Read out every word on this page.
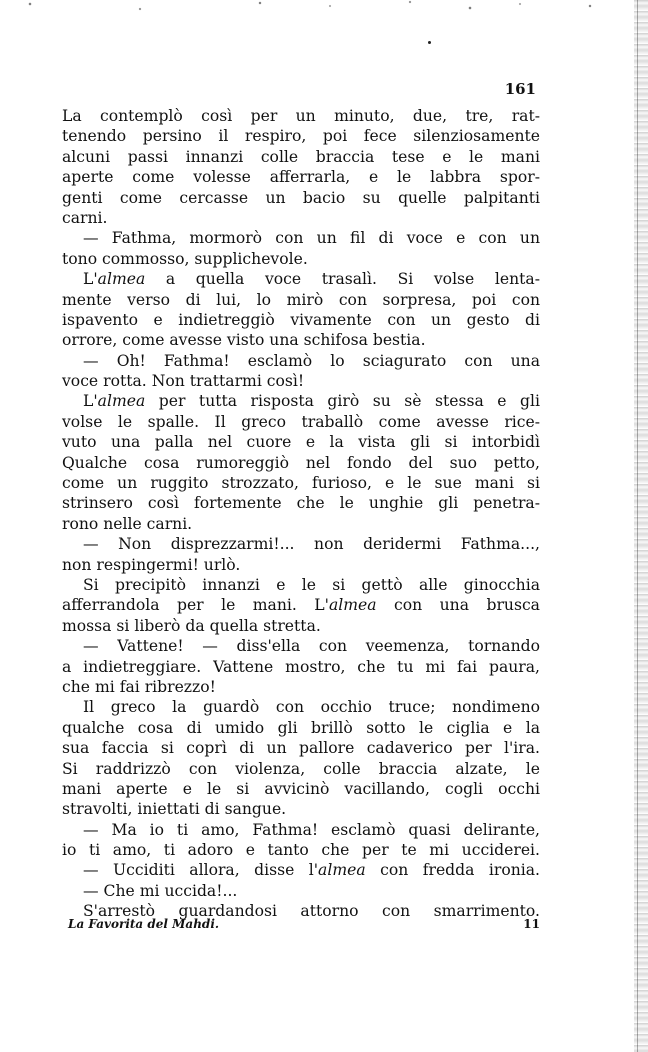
161
La contemplò così per un minuto, due, tre, rat-
tenendo persino il respiro, poi fece silenziosamente
alcuni passi innanzi colle braccia tese e le mani
aperte come volesse afferrarla, e le labbra spor-
genti come cercasse un bacio su quelle palpitanti
carni.
— Fathma, mormorò con un fil di voce e con un
tono commosso, supplichevole.
L'almea a quella voce trasalì. Si volse lenta-
mente verso di lui, lo mirò con sorpresa, poi con
ispavento e indietreggiò vivamente con un gesto di
orrore, come avesse visto una schifosa bestia.
— Oh! Fathma! esclamò lo sciagurato con una
voce rotta. Non trattarmi così!
L'almea per tutta risposta girò su sè stessa e gli
volse le spalle. Il greco traballò come avesse rice-
vuto una palla nel cuore e la vista gli si intorbidì
Qualche cosa rumoreggiò nel fondo del suo petto,
come un ruggito strozzato, furioso, e le sue mani si
strinsero così fortemente che le unghie gli penetra-
rono nelle carni.
— Non disprezzarmi!... non deridermi Fathma...,
non respingermi! urlò.
Si precipitò innanzi e le si gettò alle ginocchia
afferrandola per le mani. L'almea con una brusca
mossa si liberò da quella stretta.
— Vattene! — diss'ella con veemenza, tornando
a indietreggiare. Vattene mostro, che tu mi fai paura,
che mi fai ribrezzo!
Il greco la guardò con occhio truce; nondimeno
qualche cosa di umido gli brillò sotto le ciglia e la
sua faccia si coprì di un pallore cadaverico per l'ira.
Si raddrizzò con violenza, colle braccia alzate, le
mani aperte e le si avvicinò vacillando, cogli occhi
stravolti, iniettati di sangue.
— Ma io ti amo, Fathma! esclamò quasi delirante,
io ti amo, ti adoro e tanto che per te mi ucciderei.
— Ucciditi allora, disse l'almea con fredda ironia.
— Che mi uccida!...
S'arrestò guardandosi attorno con smarrimento.
La Favorita del Mahdi.	11
